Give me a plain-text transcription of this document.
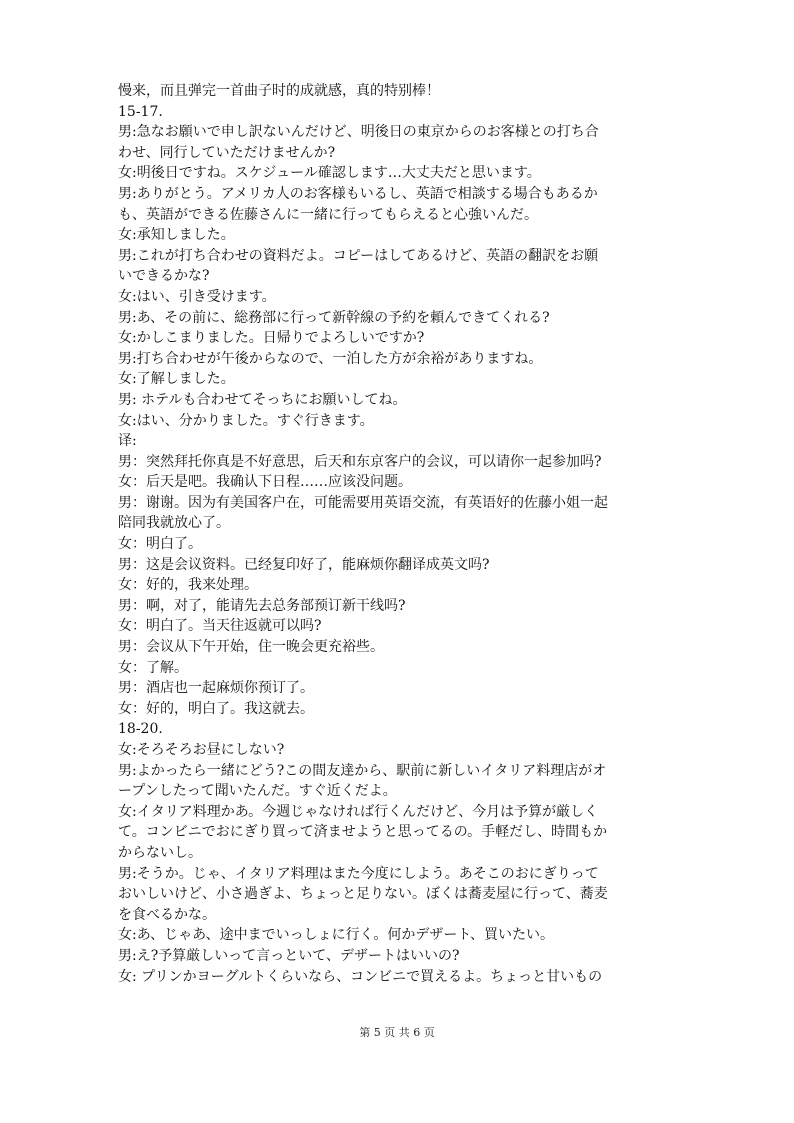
慢来，而且弹完一首曲子时的成就感，真的特别棒！
15-17.
男:急なお願いで申し訳ないんだけど、明後日の東京からのお客様との打ち合
わせ、同行していただけませんか?
女:明後日ですね。スケジュール確認します…大丈夫だと思います。
男:ありがとう。アメリカ人のお客様もいるし、英語で相談する場合もあるか
も、英語ができる佐藤さんに一緒に行ってもらえると心強いんだ。
女:承知しました。
男:これが打ち合わせの資料だよ。コピーはしてあるけど、英語の翻訳をお願
いできるかな?
女:はい、引き受けます。
男:あ、その前に、総務部に行って新幹線の予約を頼んできてくれる?
女:かしこまりました。日帰りでよろしいですか?
男:打ち合わせが午後からなので、一泊した方が余裕がありますね。
女:了解しました。
男: ホテルも合わせてそっちにお願いしてね。
女:はい、分かりました。すぐ行きます。
译:
男：突然拜托你真是不好意思，后天和东京客户的会议，可以请你一起参加吗?
女：后天是吧。我确认下日程……应该没问题。
男：谢谢。因为有美国客户在，可能需要用英语交流，有英语好的佐藤小姐一起
陪同我就放心了。
女：明白了。
男：这是会议资料。已经复印好了，能麻烦你翻译成英文吗?
女：好的，我来处理。
男：啊，对了，能请先去总务部预订新干线吗?
女：明白了。当天往返就可以吗?
男：会议从下午开始，住一晚会更充裕些。
女：了解。
男：酒店也一起麻烦你预订了。
女：好的，明白了。我这就去。
18-20.
女:そろそろお昼にしない?
男:よかったら一緒にどう?この間友達から、駅前に新しいイタリア料理店がオ
ープンしたって聞いたんだ。すぐ近くだよ。
女:イタリア料理かあ。今週じゃなければ行くんだけど、今月は予算が厳しく
て。コンビニでおにぎり買って済ませようと思ってるの。手軽だし、時間もか
からないし。
男:そうか。じゃ、イタリア料理はまた今度にしよう。あそこのおにぎりって
おいしいけど、小さ過ぎよ、ちょっと足りない。ぼくは蕎麦屋に行って、蕎麦
を食べるかな。
女:あ、じゃあ、途中までいっしょに行く。何かデザート、買いたい。
男:え?予算厳しいって言っといて、デザートはいいの?
女: プリンかヨーグルトくらいなら、コンビニで買えるよ。ちょっと甘いもの
第 5 页 共 6 页
